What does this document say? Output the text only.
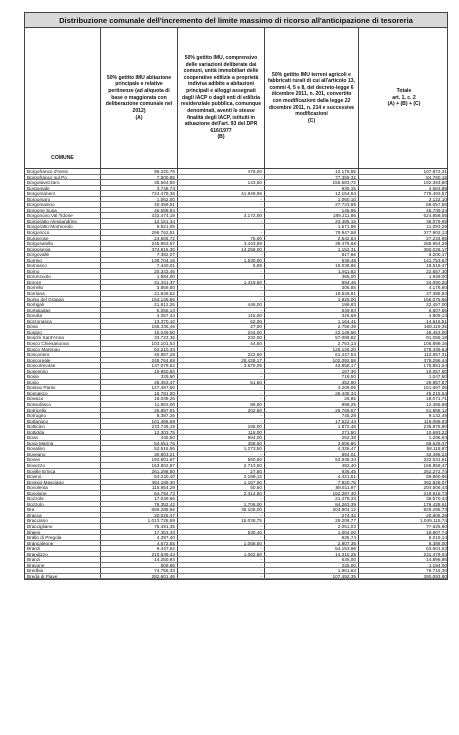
Distribuzione comunale dell'incremento del limite massimo di ricorso all'anticipazione di tesoreria
COMUNE
50% gettito IMU abitazione principale e relative pertinenze (ad aliquota di base o maggiorata con deliberazione comunale nel 2012)
(A)
50% gettito IMU, comprensivo delle variazioni deliberate dai comuni, unità immobiliari delle cooperative edilizie a proprietà indivisa adibite a abitazioni principali e alloggi assegnati dagli IACP o dagli enti di edilizia residenziale pubblica, comunque denominati, aventi le stesse finalità degli IACP, istituiti in attuazione dell'art. 93 del DPR 616/1977
(B)
50% gettito IMU terreni agricoli e fabbricati rurali di cui all'articolo 13, commi 4, 5 e 8, del decreto-legge 6 dicembre 2011, n. 201, convertito con modificazioni dalla legge 22 dicembre 2011, n. 214 e successive modificazioni
(C)
Totale
art. 1, c. 2
(A) + (B) + (C)
Borgofranco d'Ivrea	95.220,76	475,00	12.176,55	107.872,31
Borgofranco sul Po	7.500,85	-	77.359,32	84.760,15
Borgolavezzaro	35.564,50	143,50	156.683,72	192.393,80
Borgomale	3.748,74	-	935,15	4.683,89
Borgomanero	724.479,36	41.949,56	12.164,64	778.493,57
Borgomaro	1.062,00	-	1.060,10	2.122,10
Borgomasino	40.399,91	-	27.733,69	68.057,60
Borgone Susa	46.589,84	-	146,96	46.739,24
Borgonovo Val Tidone	432.474,19	3.172,00	189.211,86	624.858,05
Borgoratto Alessandrino	12.151,34	-	23.485,15	36.079,99
Borgoratto Mormorolo	9.521,05	-	1.571,96	11.093,29
Borgoricco	296.762,51	-	79.947,58	377.902,13
Borgorose	24.565,72	75,00	2.542,64	27.234,95
Borgosatollo	245.953,57	3.443,59	39.475,68	288.954,29
Borgosesia	374.816,30	14.258,00	1.152,31	390.028,17
Borgovalle	7.382,07	-	817,66	8.200,17
Bormio	139.704,16	1.530,00	539,49	141.753,67
Bornasco	7.440,01	5,59	15.038,86	18.516,47
Borno	20.343,46	-	1.911,82	22.657,30
Boronzuolo	1.584,00	-	365,00	1.949,00
Borore	31.341,37	1.419,50	894,46	34.090,20
Borrello	3.869,50	-	306,85	4.176,60
Borriana	21.849,52	-	15.648,91	37.388,83
Borso del Grappa	154.149,66	-	1.926,00	156.075,66
Bortigali	21.812,26	446,00	199,83	22.457,00
Bortigiadas	6.055,13	-	549,93	6.607,85
Borutta	4.367,44	115,00	326,69	4.809,13
Borzonasca	13.370,10	62,00	1.164,41	14.616,51
Bosa	165.335,46	27,50	2.756,39	168.119,35
Bosaro	15.049,50	244,00	22.149,50	48.453,00
Boschi Sant'Anna	33.723,36	232,00	57.099,82	91.055,18
Bosco Chiesanuova	103.101,53	44,50	2.753,13	105.899,16
Bosco Marengo	63.210,34	-	125.125,20	278.435,54
Bosconero	40.987,28	222,50	61.447,53	112.657,31
Boscoreale	248.764,69	28.439,17	102.092,58	379.296,44
Boscotrecase	137.079,52	3.679,05	42.858,17	178.851,64
Bosentino	19.950,50	-	107,30	19.057,80
Bosia	329,50	-	719,50	1.047,60
Bosio	29.453,47	51,50	452,90	29.957,87
Bosisio Parini	147.487,50	-	4.209,05	151.697,06
Bosnasco	15.781,00	-	29.436,34	45.215,64
Bossico	18.039,26	-	26,85	18.071,71
Bossolasco	11.953,00	86,50	898,25	12.455,88
Botricello	26.987,91	202,50	26.769,67	51.958,12
Botrugno	8.387,26	-	745,28	9.132,49
Bottanuco	101.466,69	-	17.622,44	119.089,93
Botticino	233.745,19	186,00	1.872,45	235.876,80
Bottidda	12.303,75	118,00	271,50	10.693,22
Bova	445,50	594,00	252,38	1.296,83
Bova Marina	54.651,76	358,50	3.606,80	58.628,37
Bovalino	52.516,56	1.273,50	4.326,47	58.118,87
Bovegno	30.803,21	-	894,01	32.496,22
Boves	193.801,97	550,50	53.938,34	222.031,61
Bovezzo	163.802,87	2.713,50	492,40	166.858,47
Boville Ernica	261.298,50	27,50	936,45	262.272,74
Bovino	53.240,40	2.199,12	4.421,51	59.860,86
Bovisio-Masciago	364.189,30	1.167,50	7.920,76	392.828,07
Bovolenta	115.954,29	50,50	88.511,97	204.506,43
Bovolone	64.794,73	2.314,50	152.287,40	219.916,73
Bozzole	17.049,66	-	21.476,33	38.570,43
Bozzolo	76.352,42	1.706,00	84.263,39	176.428,61
Bra	659.288,56	35.105,00	204.904,12	929.296,73
Bracca	20.025,47	-	274,32	20.806,29
Bracciano	1.013.726,59	15.038,75	29.208,77	1.049.115,74
Braccigliano	75.491,35	-	2.051,03	77.626,80
Braies	17.353,33	530,46	1.004,00	18.807,74
Brallo di Pregola	4.397,40	-	925,74	5.015,14
Brancaleone	4.672,55	1.058,50	2.807,35	8.388,00
Branzi	9.447,62	-	54.153,99	63.601,63
Brandizzo	210.639,43	1.062,50	14.310,25	231.479,04
Branzi	14.250,93	-	636,00	14.896,86
Bravone	909,96	-	225,00	1.194,00
Bredbia	74.756,33	-	1.961,63	76.716,30
Breda di Piave	282.601,46	-	107.492,35	390.093,80
